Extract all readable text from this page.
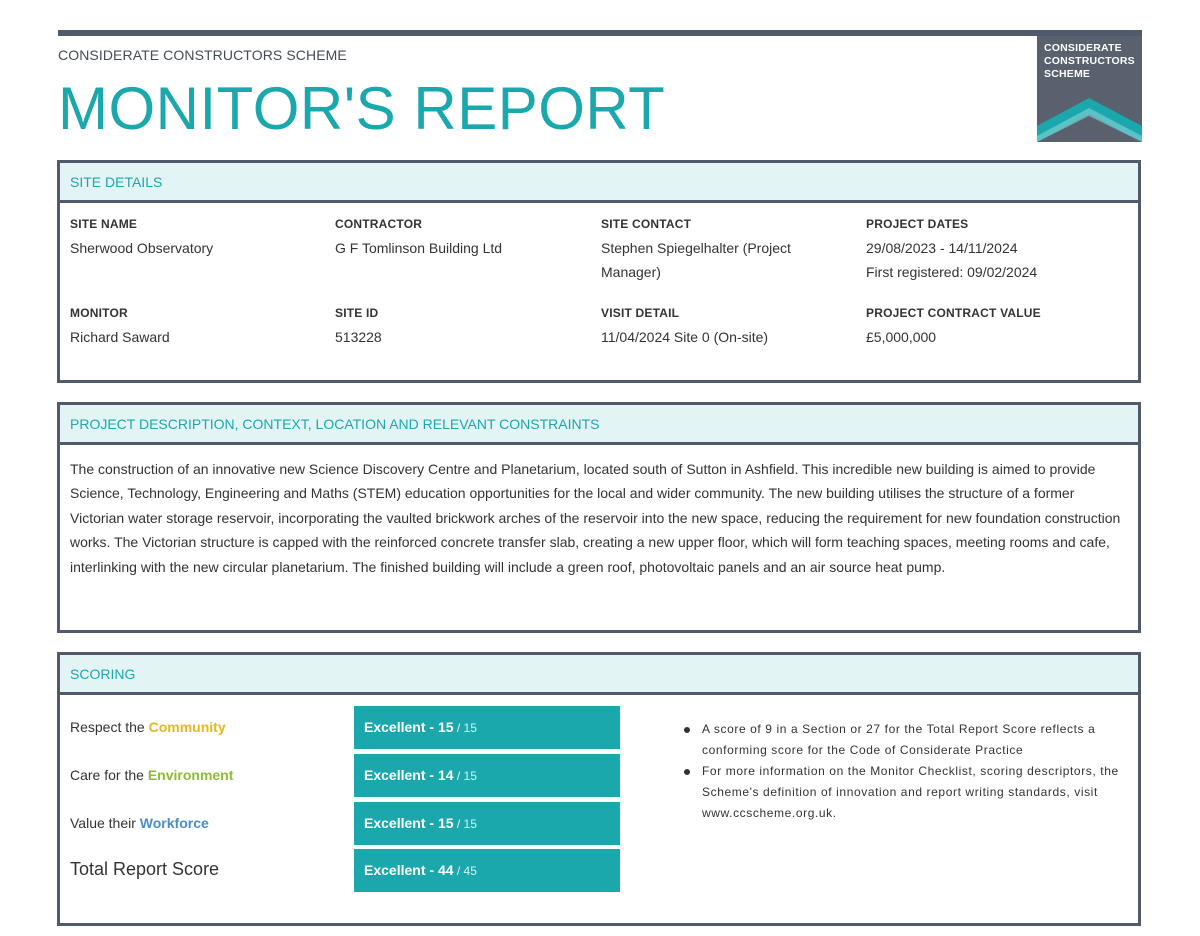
CONSIDERATE CONSTRUCTORS SCHEME
MONITOR'S REPORT
CONSIDERATE
CONSTRUCTORS
SCHEME
SITE DETAILS
SITE NAME
Sherwood Observatory
CONTRACTOR
G F Tomlinson Building Ltd
SITE CONTACT
Stephen Spiegelhalter (Project
Manager)
PROJECT DATES
29/08/2023 - 14/11/2024
First registered: 09/02/2024
MONITOR
Richard Saward
SITE ID
513228
VISIT DETAIL
11/04/2024 Site 0 (On-site)
PROJECT CONTRACT VALUE
£5,000,000
PROJECT DESCRIPTION, CONTEXT, LOCATION AND RELEVANT CONSTRAINTS

The construction of an innovative new Science Discovery Centre and Planetarium, located south of Sutton in Ashfield. This incredible new building is aimed to provide Science, Technology, Engineering and Maths (STEM) education opportunities for the local and wider community. The new building utilises the structure of a former Victorian water storage reservoir, incorporating the vaulted brickwork arches of the reservoir into the new space, reducing the requirement for new foundation construction works. The Victorian structure is capped with the reinforced concrete transfer slab, creating a new upper floor, which will form teaching spaces, meeting rooms and cafe, interlinking with the new circular planetarium. The finished building will include a green roof, photovoltaic panels and an air source heat pump.

SCORING
Respect the Community	Excellent - 15 / 15
Care for the Environment	Excellent - 14 / 15
Value their Workforce	Excellent - 15 / 15
Total Report Score	Excellent - 44 / 45
A score of 9 in a Section or 27 for the Total Report Score reflects a conforming score for the Code of Considerate Practice
For more information on the Monitor Checklist, scoring descriptors, the Scheme's definition of innovation and report writing standards, visit www.ccscheme.org.uk.
